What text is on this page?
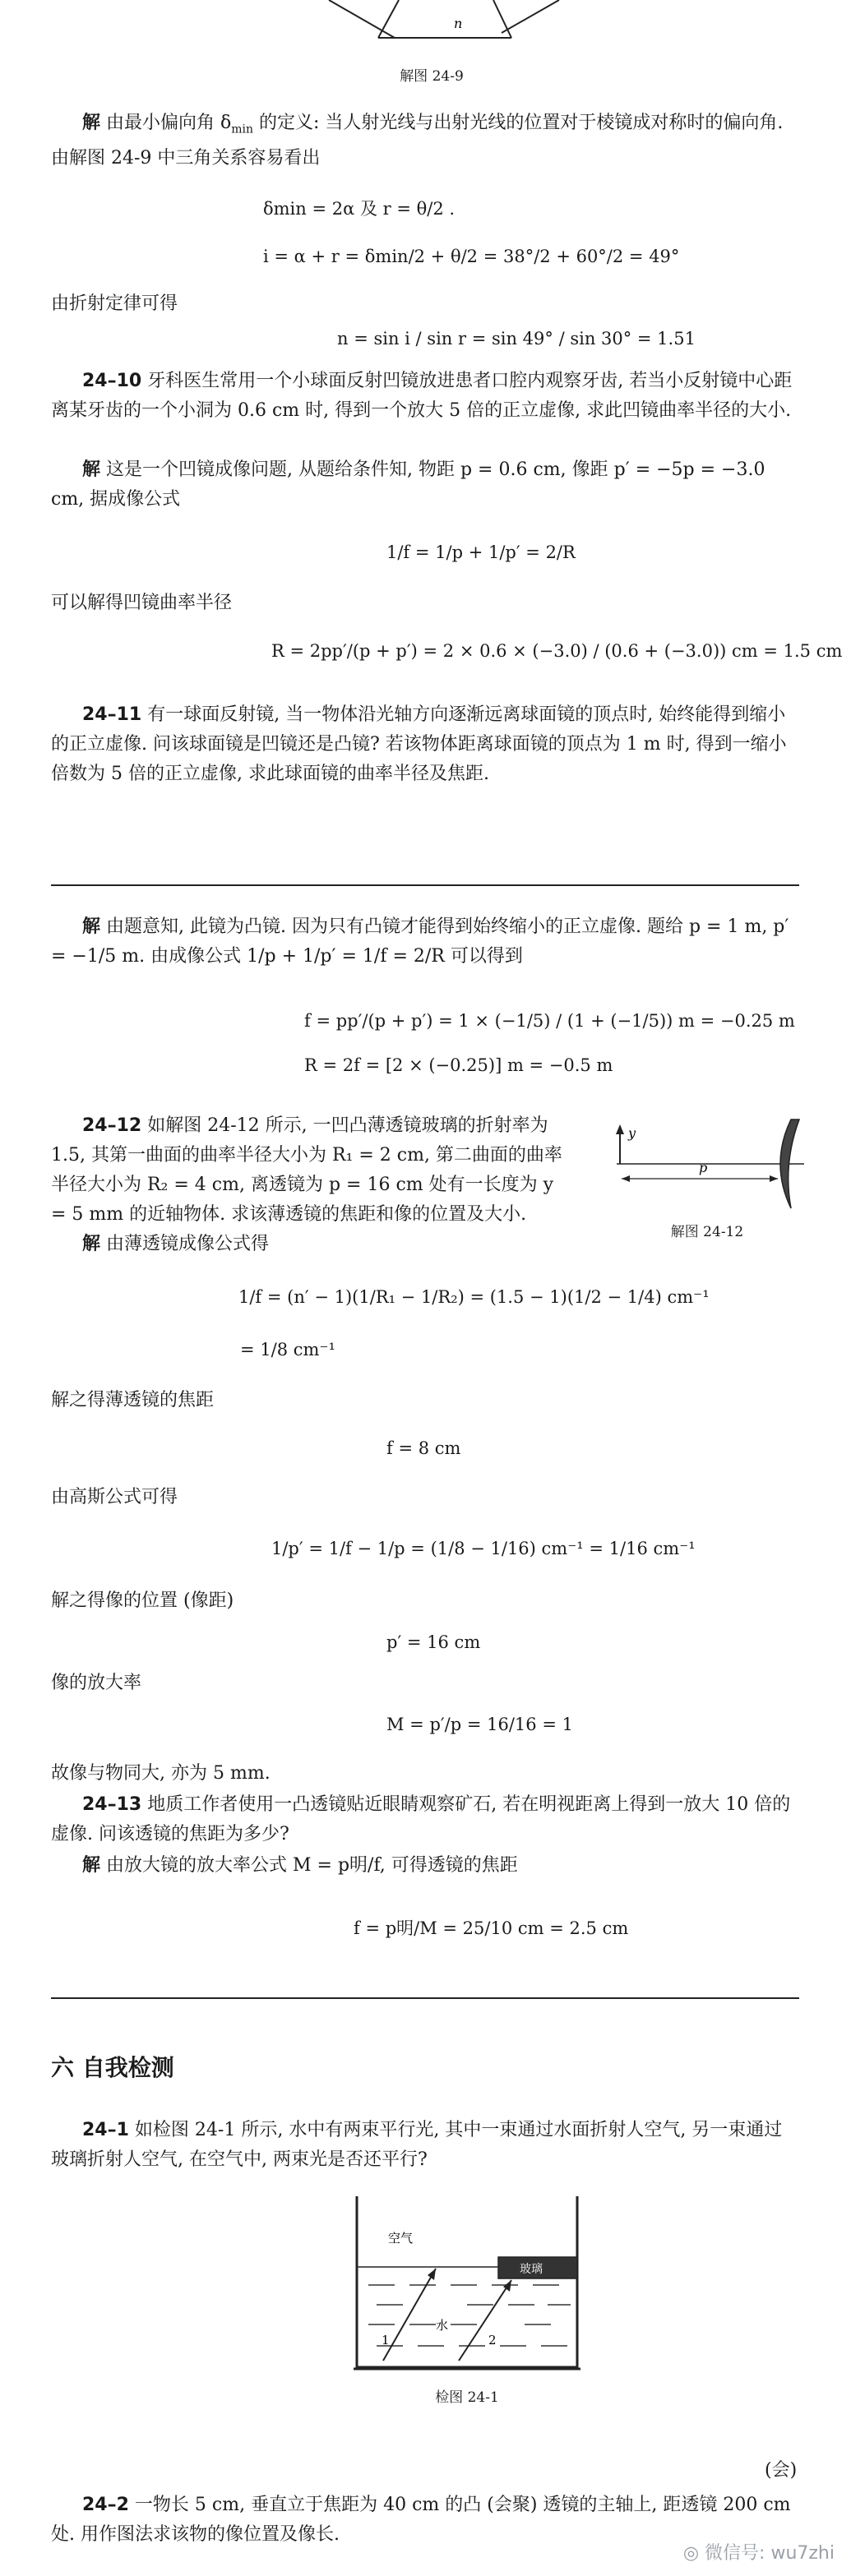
n
解图 24-9
解 由最小偏向角 $\delta_{min}$ 的定义: 当人射光线与出射光线的位置对于棱镜成对称时的偏向角. 由解图 24-9 中三角关系容易看出
δmin = 2α 及 r = θ/2 .
i = α + r = δmin/2 + θ/2 = 38°/2 + 60°/2 = 49°
由折射定律可得
n = sin i / sin r = sin 49° / sin 30° = 1.51
24–10 牙科医生常用一个小球面反射凹镜放进患者口腔内观察牙齿, 若当小反射镜中心距离某牙齿的一个小洞为 0.6 cm 时, 得到一个放大 5 倍的正立虚像, 求此凹镜曲率半径的大小.
解 这是一个凹镜成像问题, 从题给条件知, 物距 p = 0.6 cm, 像距 p′ = −5p = −3.0 cm, 据成像公式
1/f = 1/p + 1/p′ = 2/R
可以解得凹镜曲率半径
R = 2pp′/(p + p′) = 2 × 0.6 × (−3.0) / (0.6 + (−3.0)) cm = 1.5 cm
24–11 有一球面反射镜, 当一物体沿光轴方向逐渐远离球面镜的顶点时, 始终能得到缩小的正立虚像. 问该球面镜是凹镜还是凸镜? 若该物体距离球面镜的顶点为 1 m 时, 得到一缩小倍数为 5 倍的正立虚像, 求此球面镜的曲率半径及焦距.
解 由题意知, 此镜为凸镜. 因为只有凸镜才能得到始终缩小的正立虚像. 题给 p = 1 m, p′ = −1/5 m. 由成像公式 1/p + 1/p′ = 1/f = 2/R 可以得到
f = pp′/(p + p′) = 1 × (−1/5) / (1 + (−1/5)) m = −0.25 m
R = 2f = [2 × (−0.25)] m = −0.5 m
24–12 如解图 24-12 所示, 一凹凸薄透镜玻璃的折射率为 1.5, 其第一曲面的曲率半径大小为 R₁ = 2 cm, 第二曲面的曲率半径大小为 R₂ = 4 cm, 离透镜为 p = 16 cm 处有一长度为 y = 5 mm 的近轴物体. 求该薄透镜的焦距和像的位置及大小.
y
p
解图 24-12
解 由薄透镜成像公式得
1/f = (n′ − 1)(1/R₁ − 1/R₂) = (1.5 − 1)(1/2 − 1/4) cm⁻¹
= 1/8 cm⁻¹
解之得薄透镜的焦距
f = 8 cm
由高斯公式可得
1/p′ = 1/f − 1/p = (1/8 − 1/16) cm⁻¹ = 1/16 cm⁻¹
解之得像的位置 (像距)
p′ = 16 cm
像的放大率
M = p′/p = 16/16 = 1
故像与物同大, 亦为 5 mm.
24–13 地质工作者使用一凸透镜贴近眼睛观察矿石, 若在明视距离上得到一放大 10 倍的虚像. 问该透镜的焦距为多少?
解 由放大镜的放大率公式 M = p明/f, 可得透镜的焦距
f = p明/M = 25/10 cm = 2.5 cm
六 自我检测
24–1 如检图 24-1 所示, 水中有两束平行光, 其中一束通过水面折射人空气, 另一束通过玻璃折射人空气, 在空气中, 两束光是否还平行?
玻璃
空气
水
1	2
检图 24-1
(会)
24–2 一物长 5 cm, 垂直立于焦距为 40 cm 的凸 (会聚) 透镜的主轴上, 距透镜 200 cm 处. 用作图法求该物的像位置及像长.
◎ 微信号: wu7zhi
